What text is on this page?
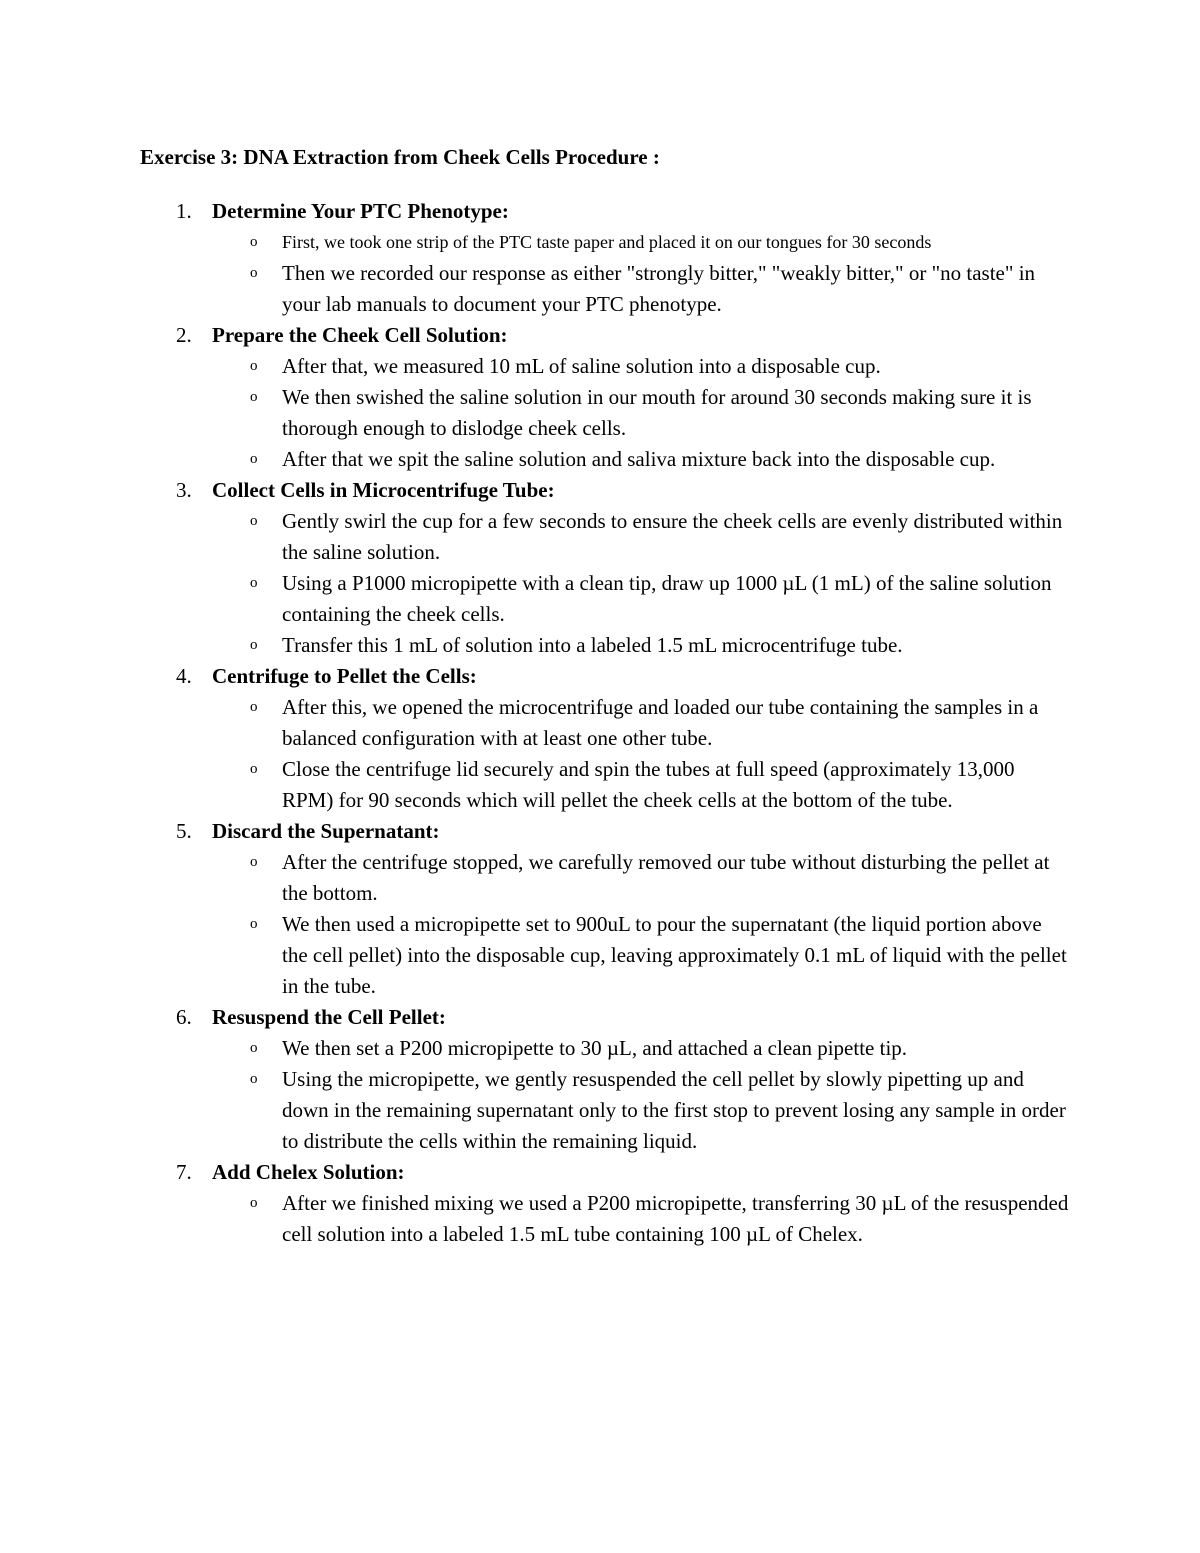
Exercise 3: DNA Extraction from Cheek Cells Procedure :
1. Determine Your PTC Phenotype:
o First, we took one strip of the PTC taste paper and placed it on our tongues for 30 seconds
o Then we recorded our response as either "strongly bitter," "weakly bitter," or "no taste" in your lab manuals to document your PTC phenotype.
2. Prepare the Cheek Cell Solution:
o After that, we measured 10 mL of saline solution into a disposable cup.
o We then swished the saline solution in our mouth for around 30 seconds making sure it is thorough enough to dislodge cheek cells.
o After that we spit the saline solution and saliva mixture back into the disposable cup.
3. Collect Cells in Microcentrifuge Tube:
o Gently swirl the cup for a few seconds to ensure the cheek cells are evenly distributed within the saline solution.
o Using a P1000 micropipette with a clean tip, draw up 1000 µL (1 mL) of the saline solution containing the cheek cells.
o Transfer this 1 mL of solution into a labeled 1.5 mL microcentrifuge tube.
4. Centrifuge to Pellet the Cells:
o After this, we opened the microcentrifuge and loaded our tube containing the samples in a balanced configuration with at least one other tube.
o Close the centrifuge lid securely and spin the tubes at full speed (approximately 13,000 RPM) for 90 seconds which will pellet the cheek cells at the bottom of the tube.
5. Discard the Supernatant:
o After the centrifuge stopped, we carefully removed our tube without disturbing the pellet at the bottom.
o We then used a micropipette set to 900uL to pour the supernatant (the liquid portion above the cell pellet) into the disposable cup, leaving approximately 0.1 mL of liquid with the pellet in the tube.
6. Resuspend the Cell Pellet:
o We then set a P200 micropipette to 30 µL, and attached a clean pipette tip.
o Using the micropipette, we gently resuspended the cell pellet by slowly pipetting up and down in the remaining supernatant only to the first stop to prevent losing any sample in order to distribute the cells within the remaining liquid.
7. Add Chelex Solution:
o After we finished mixing we used a P200 micropipette, transferring 30 µL of the resuspended cell solution into a labeled 1.5 mL tube containing 100 µL of Chelex.
